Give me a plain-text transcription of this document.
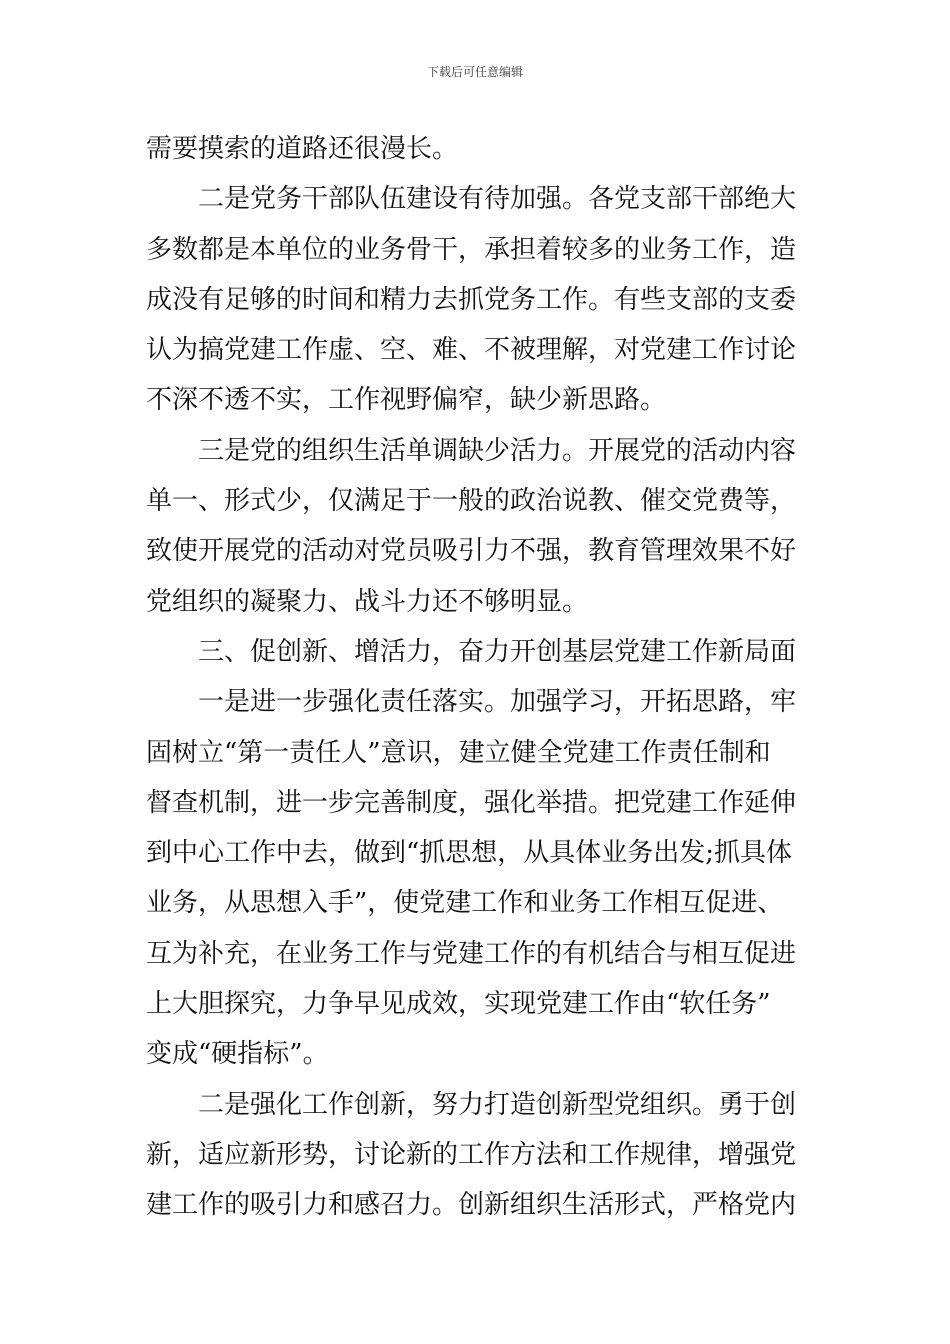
下载后可任意编辑
需要摸索的道路还很漫长。
二是党务干部队伍建设有待加强。各党支部干部绝大
多数都是本单位的业务骨干，承担着较多的业务工作，造
成没有足够的时间和精力去抓党务工作。有些支部的支委
认为搞党建工作虚、空、难、不被理解，对党建工作讨论
不深不透不实，工作视野偏窄，缺少新思路。
三是党的组织生活单调缺少活力。开展党的活动内容
单一、形式少，仅满足于一般的政治说教、催交党费等，
致使开展党的活动对党员吸引力不强，教育管理效果不好
党组织的凝聚力、战斗力还不够明显。
三、促创新、增活力，奋力开创基层党建工作新局面
一是进一步强化责任落实。加强学习，开拓思路，牢
固树立“第一责任人”意识，建立健全党建工作责任制和
督查机制，进一步完善制度，强化举措。把党建工作延伸
到中心工作中去，做到“抓思想，从具体业务出发;抓具体
业务，从思想入手”，使党建工作和业务工作相互促进、
互为补充，在业务工作与党建工作的有机结合与相互促进
上大胆探究，力争早见成效，实现党建工作由“软任务”
变成“硬指标”。
二是强化工作创新，努力打造创新型党组织。勇于创
新，适应新形势，讨论新的工作方法和工作规律，增强党
建工作的吸引力和感召力。创新组织生活形式，严格党内
